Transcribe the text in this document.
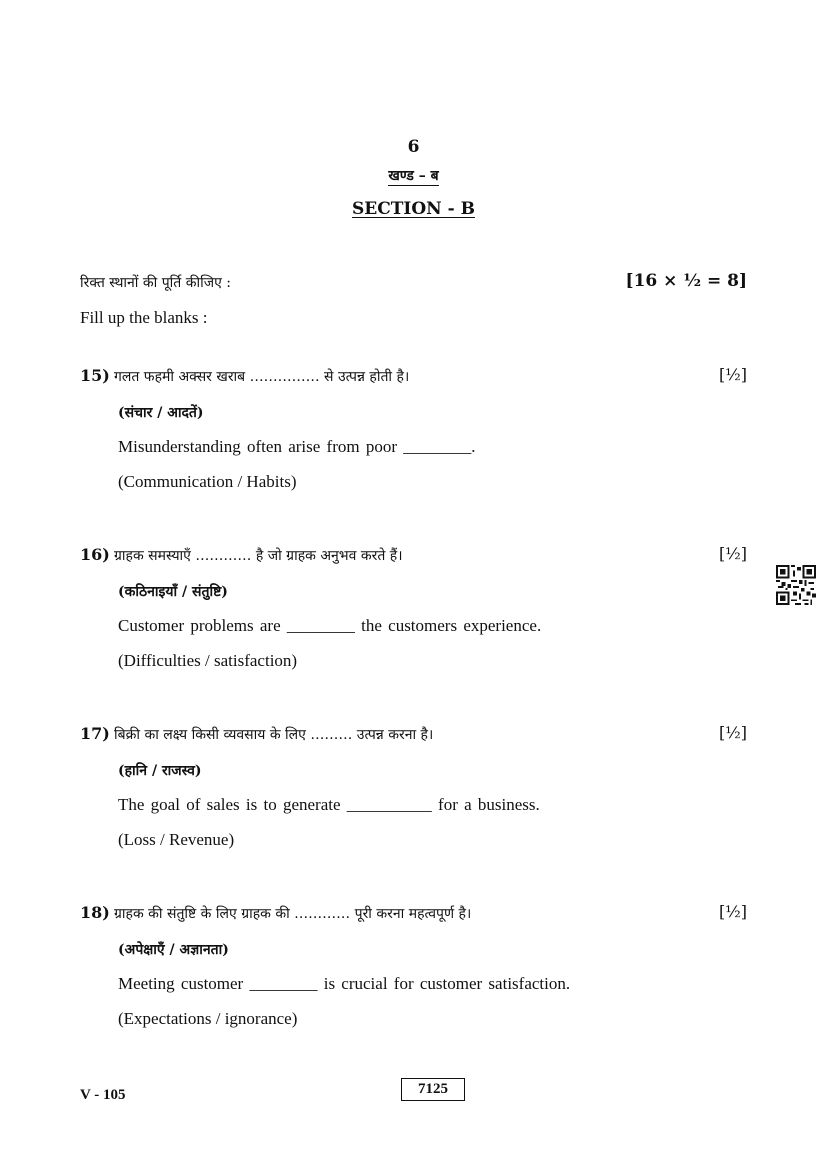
6
खण्ड – ब
SECTION - B
रिक्त स्थानों की पूर्ति कीजिए :	[16 × ½ = 8]
Fill up the blanks :
15) गलत फहमी अक्सर खराब …………… से उत्पन्न होती है।	[½]
(संचार / आदतें)
Misunderstanding often arise from poor ________.
(Communication / Habits)
16) ग्राहक समस्याएँ ………… है जो ग्राहक अनुभव करते हैं।	[½]
(कठिनाइयाँ / संतुष्टि)
Customer problems are ________ the customers experience.
(Difficulties / satisfaction)
17) बिक्री का लक्ष्य किसी व्यवसाय के लिए ……… उत्पन्न करना है।	[½]
(हानि / राजस्व)
The goal of sales is to generate __________ for a business.
(Loss / Revenue)
18) ग्राहक की संतुष्टि के लिए ग्राहक की ………… पूरी करना महत्वपूर्ण है।	[½]
(अपेक्षाएँ / अज्ञानता)
Meeting customer ________ is crucial for customer satisfaction.
(Expectations / ignorance)
V - 105	7125
